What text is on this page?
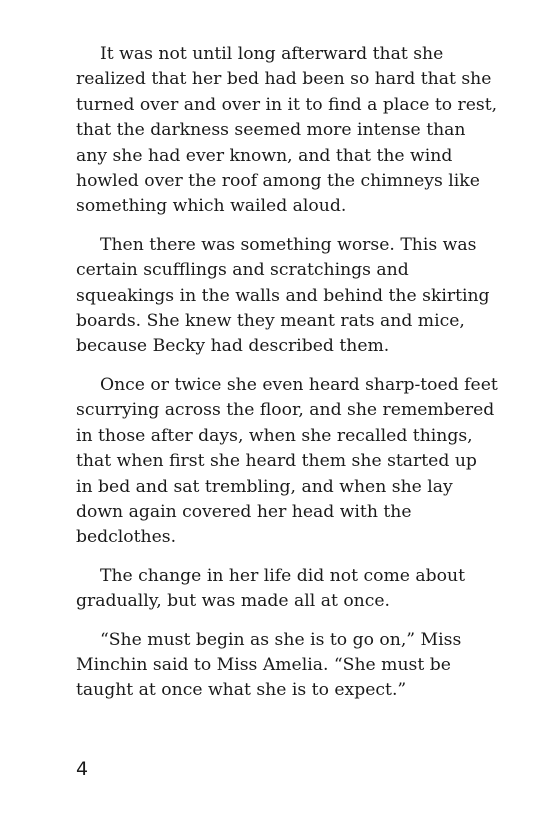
It was not until long afterward that she realized that her bed had been so hard that she turned over and over in it to find a place to rest, that the darkness seemed more intense than any she had ever known, and that the wind howled over the roof among the chimneys like something which wailed aloud.

Then there was something worse. This was certain scufflings and scratchings and squeakings in the walls and behind the skirting boards. She knew they meant rats and mice, because Becky had described them.

Once or twice she even heard sharp-toed feet scurrying across the floor, and she remembered in those after days, when she recalled things, that when first she heard them she started up in bed and sat trembling, and when she lay down again covered her head with the bedclothes.

The change in her life did not come about gradually, but was made all at once.

“She must begin as she is to go on,” Miss Minchin said to Miss Amelia. “She must be taught at once what she is to expect.”

4
